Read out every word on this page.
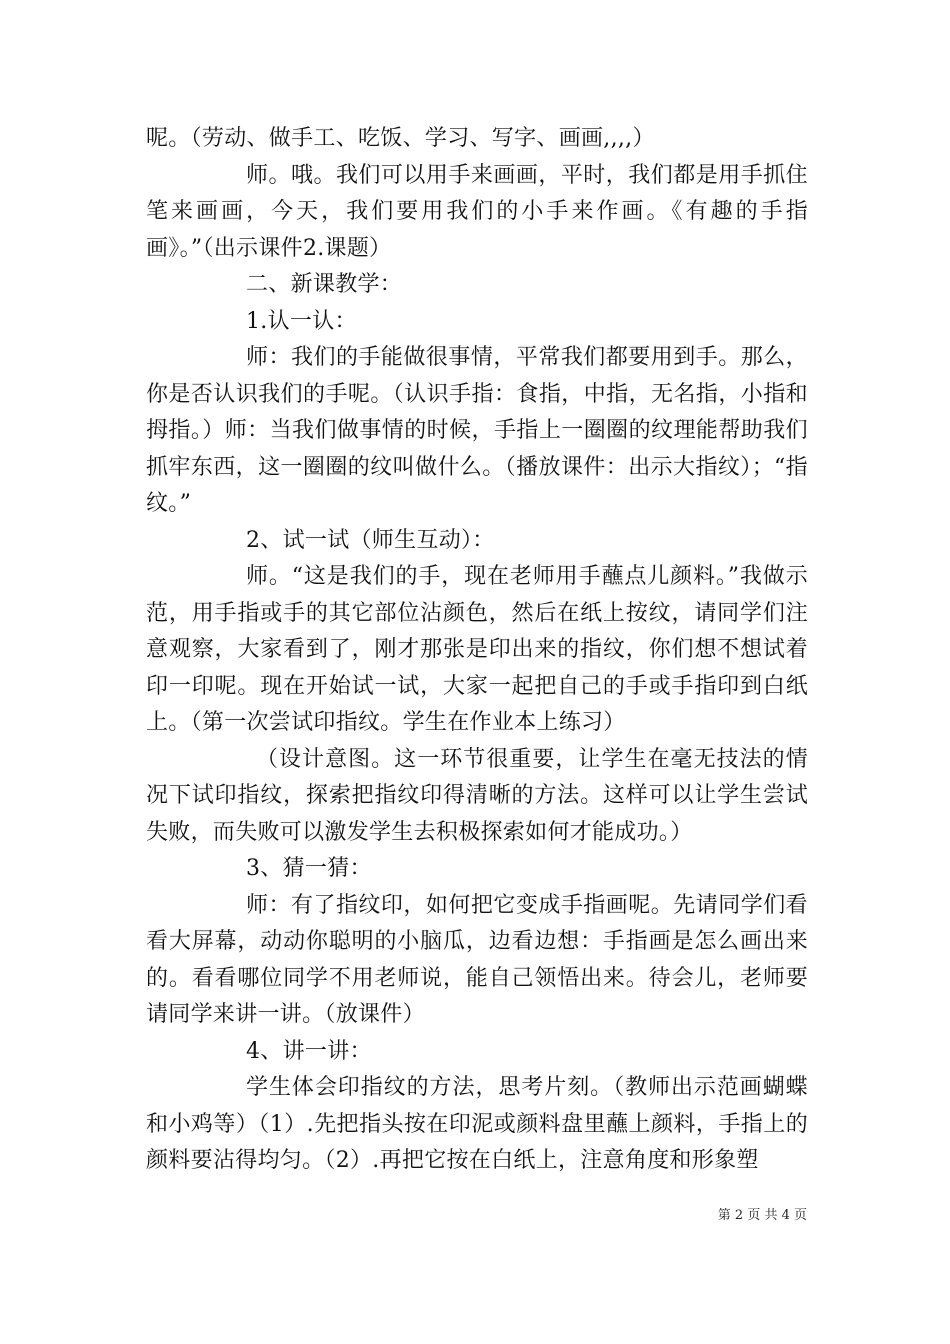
呢。（劳动、做手工、吃饭、学习、写字、画画,,,,）

师。哦。我们可以用手来画画，平时，我们都是用手抓住笔来画画，今天，我们要用我们的小手来作画。《有趣的手指画》。”（出示课件2.课题）

二、新课教学：

1.认一认：

师：我们的手能做很事情，平常我们都要用到手。那么，你是否认识我们的手呢。（认识手指：食指，中指，无名指，小指和拇指。）师：当我们做事情的时候，手指上一圈圈的纹理能帮助我们抓牢东西，这一圈圈的纹叫做什么。（播放课件：出示大指纹）；“指纹。”

2、试一试（师生互动）：

师。“这是我们的手，现在老师用手蘸点儿颜料。”我做示范，用手指或手的其它部位沾颜色，然后在纸上按纹，请同学们注意观察，大家看到了，刚才那张是印出来的指纹，你们想不想试着印一印呢。现在开始试一试，大家一起把自己的手或手指印到白纸上。（第一次尝试印指纹。学生在作业本上练习）

（设计意图。这一环节很重要，让学生在毫无技法的情况下试印指纹，探索把指纹印得清晰的方法。这样可以让学生尝试失败，而失败可以激发学生去积极探索如何才能成功。）

3、猜一猜：

师：有了指纹印，如何把它变成手指画呢。先请同学们看看大屏幕，动动你聪明的小脑瓜，边看边想：手指画是怎么画出来的。看看哪位同学不用老师说，能自己领悟出来。待会儿，老师要请同学来讲一讲。（放课件）

4、讲一讲：

学生体会印指纹的方法，思考片刻。（教师出示范画蝴蝶和小鸡等）（1）.先把指头按在印泥或颜料盘里蘸上颜料，手指上的颜料要沾得均匀。（2）.再把它按在白纸上，注意角度和形象塑

第 2 页 共 4 页
